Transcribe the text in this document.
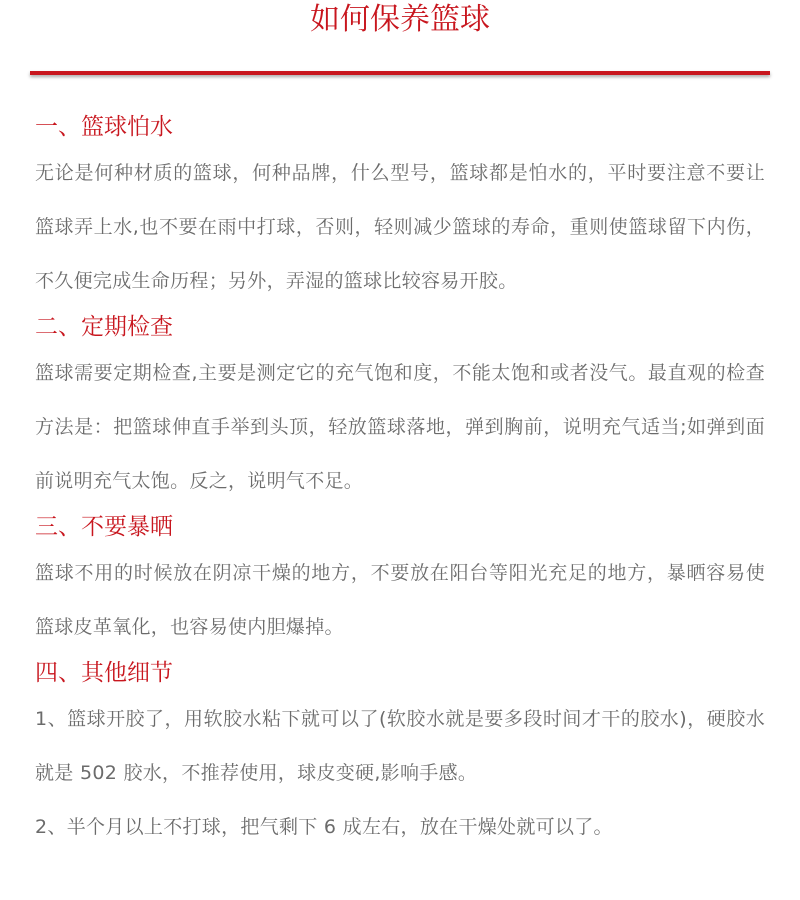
如何保养篮球
一、篮球怕水

无论是何种材质的篮球，何种品牌，什么型号，篮球都是怕水的，平时要注意不要让篮球弄上水,也不要在雨中打球，否则，轻则减少篮球的寿命，重则使篮球留下内伤，不久便完成生命历程；另外，弄湿的篮球比较容易开胶。

二、定期检查

篮球需要定期检查,主要是测定它的充气饱和度，不能太饱和或者没气。最直观的检查方法是：把篮球伸直手举到头顶，轻放篮球落地，弹到胸前，说明充气适当;如弹到面前说明充气太饱。反之，说明气不足。

三、不要暴晒

篮球不用的时候放在阴凉干燥的地方，不要放在阳台等阳光充足的地方，暴晒容易使篮球皮革氧化，也容易使内胆爆掉。

四、其他细节

1、篮球开胶了，用软胶水粘下就可以了(软胶水就是要多段时间才干的胶水)，硬胶水就是 502 胶水，不推荐使用，球皮变硬,影响手感。

2、半个月以上不打球，把气剩下 6 成左右，放在干燥处就可以了。
